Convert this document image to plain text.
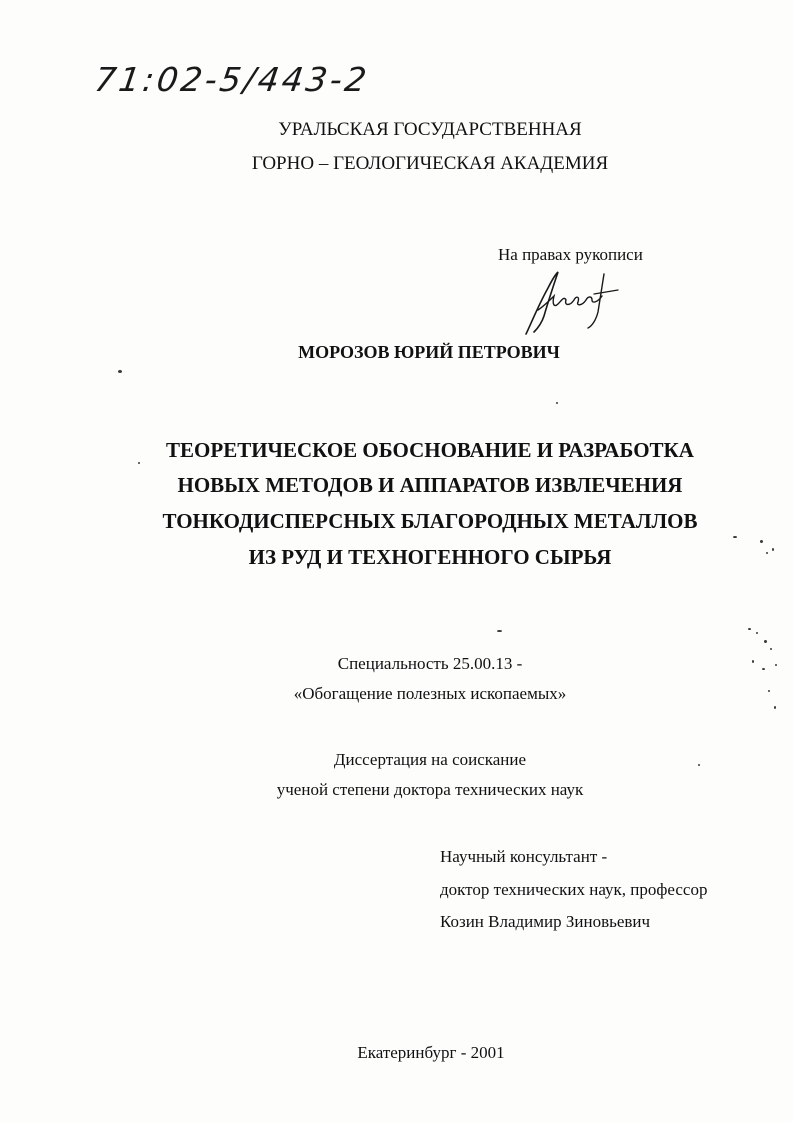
71:02-5/443-2
УРАЛЬСКАЯ ГОСУДАРСТВЕННАЯ
ГОРНО – ГЕОЛОГИЧЕСКАЯ АКАДЕМИЯ
На правах рукописи
МОРОЗОВ ЮРИЙ ПЕТРОВИЧ
ТЕОРЕТИЧЕСКОЕ ОБОСНОВАНИЕ И РАЗРАБОТКА
НОВЫХ МЕТОДОВ И АППАРАТОВ ИЗВЛЕЧЕНИЯ
ТОНКОДИСПЕРСНЫХ БЛАГОРОДНЫХ МЕТАЛЛОВ
ИЗ РУД И ТЕХНОГЕННОГО СЫРЬЯ
Специальность 25.00.13 -
«Обогащение полезных ископаемых»
Диссертация на соискание
ученой степени доктора технических наук
Научный консультант -
доктор технических наук, профессор
Козин Владимир Зиновьевич
Екатеринбург - 2001
